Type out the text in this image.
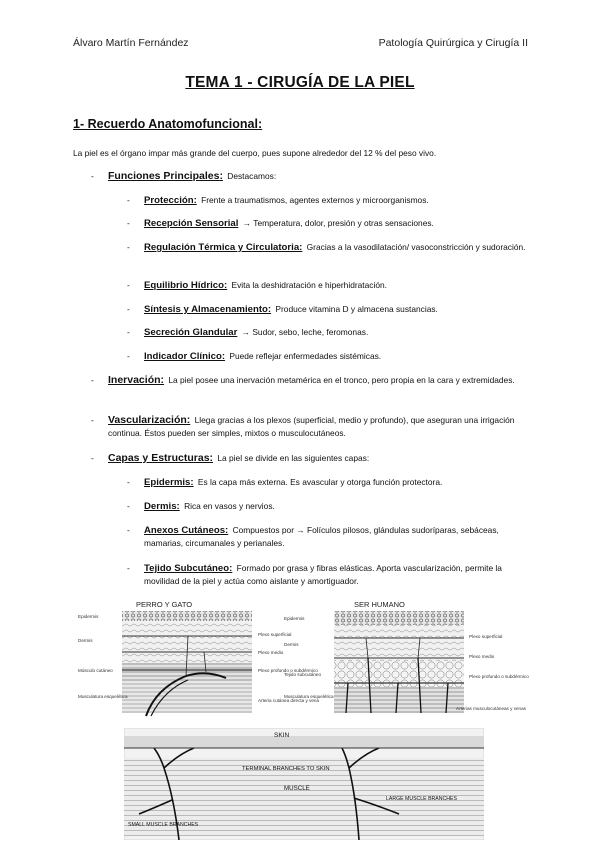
Álvaro Martín Fernández	Patología Quirúrgica y Cirugía II
TEMA 1 - CIRUGÍA DE LA PIEL
1- Recuerdo Anatomofuncional:
La piel es el órgano impar más grande del cuerpo, pues supone alrededor del 12 % del peso vivo.
- Funciones Principales: Destacamos:
- Protección: Frente a traumatismos, agentes externos y microorganismos.
- Recepción Sensorial → Temperatura, dolor, presión y otras sensaciones.
- Regulación Térmica y Circulatoria: Gracias a la vasodilatación/ vasoconstricción y sudoración.
- Equilibrio Hídrico: Evita la deshidratación e hiperhidratación.
- Síntesis y Almacenamiento: Produce vitamina D y almacena sustancias.
- Secreción Glandular → Sudor, sebo, leche, feromonas.
- Indicador Clínico: Puede reflejar enfermedades sistémicas.
- Inervación: La piel posee una inervación metamérica en el tronco, pero propia en la cara y extremidades.
- Vascularización: Llega gracias a los plexos (superficial, medio y profundo), que aseguran una irrigación continua. Éstos pueden ser simples, mixtos o musculocutáneos.
- Capas y Estructuras: La piel se divide en las siguientes capas:
- Epidermis: Es la capa más externa. Es avascular y otorga función protectora.
- Dermis: Rica en vasos y nervios.
- Anexos Cutáneos: Compuestos por → Folículos pilosos, glándulas sudoríparas, sebáceas, mamarias, circumanales y perianales.
- Tejido Subcutáneo: Formado por grasa y fibras elásticas. Aporta vascularización, permite la movilidad de la piel y actúa como aislante y amortiguador.
PERRO Y GATO
Epidermis
Dermis
Músculo cutáneo
Musculatura esquelética
Plexo superficial
Plexo medio
Plexo profundo o subdérmico
Arteria cutánea directa y vena
SER HUMANO
Epidermis
Dermis
Tejido subcutáneo
Musculatura esquelética
Plexo superficial
Plexo medio
Plexo profundo o subdérmico
Arterias musculocutáneas y venas
SKIN
TERMINAL BRANCHES TO SKIN
MUSCLE
SMALL MUSCLE BRANCHES
LARGE MUSCLE BRANCHES
